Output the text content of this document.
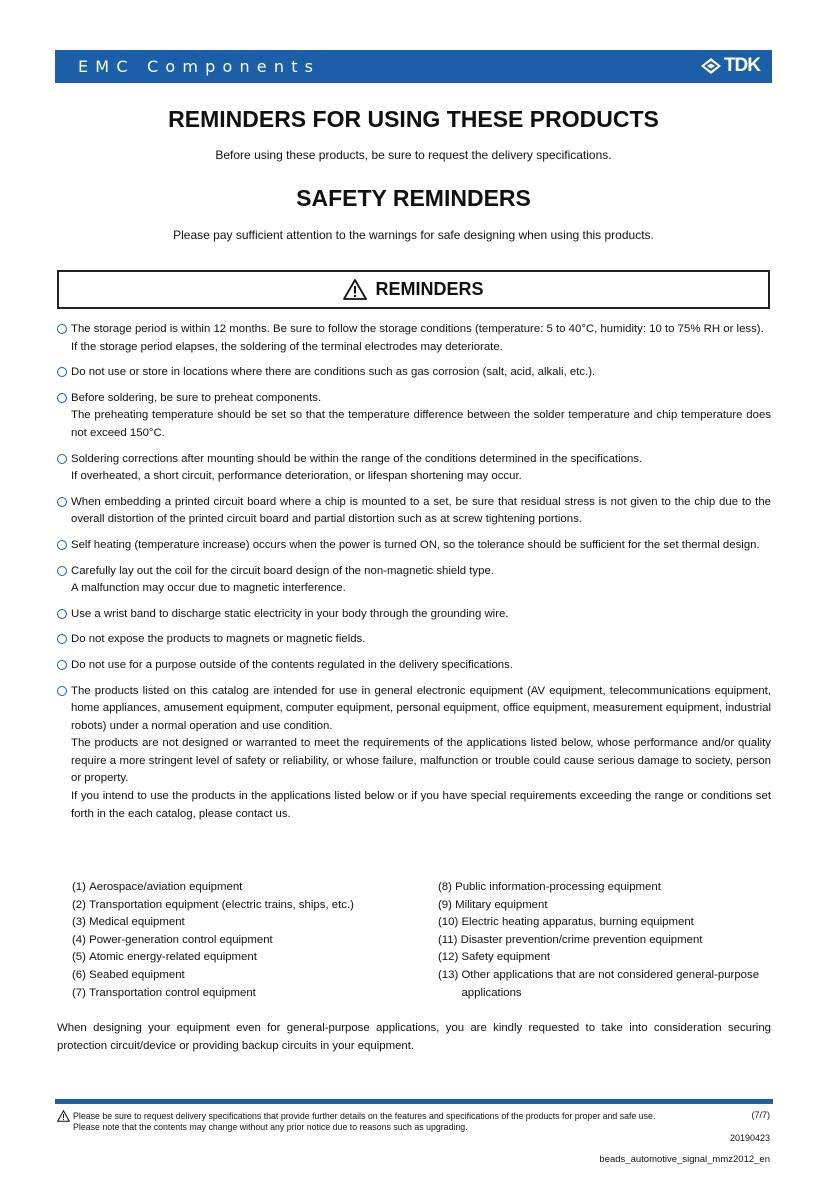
EMC Components	TDK
REMINDERS FOR USING THESE PRODUCTS
Before using these products, be sure to request the delivery specifications.
SAFETY REMINDERS
Please pay sufficient attention to the warnings for safe designing when using this products.
REMINDERS

The storage period is within 12 months. Be sure to follow the storage conditions (temperature: 5 to 40°C, humidity: 10 to 75% RH or less).

If the storage period elapses, the soldering of the terminal electrodes may deteriorate.

Do not use or store in locations where there are conditions such as gas corrosion (salt, acid, alkali, etc.).

Before soldering, be sure to preheat components.

The preheating temperature should be set so that the temperature difference between the solder temperature and chip temperature does not exceed 150°C.

Soldering corrections after mounting should be within the range of the conditions determined in the specifications.

If overheated, a short circuit, performance deterioration, or lifespan shortening may occur.

When embedding a printed circuit board where a chip is mounted to a set, be sure that residual stress is not given to the chip due to the overall distortion of the printed circuit board and partial distortion such as at screw tightening portions.

Self heating (temperature increase) occurs when the power is turned ON, so the tolerance should be sufficient for the set thermal design.

Carefully lay out the coil for the circuit board design of the non-magnetic shield type.

A malfunction may occur due to magnetic interference.

Use a wrist band to discharge static electricity in your body through the grounding wire.

Do not expose the products to magnets or magnetic fields.

Do not use for a purpose outside of the contents regulated in the delivery specifications.

The products listed on this catalog are intended for use in general electronic equipment (AV equipment, telecommunications equipment, home appliances, amusement equipment, computer equipment, personal equipment, office equipment, measurement equipment, industrial robots) under a normal operation and use condition.

The products are not designed or warranted to meet the requirements of the applications listed below, whose performance and/or quality require a more stringent level of safety or reliability, or whose failure, malfunction or trouble could cause serious damage to society, person or property.

If you intend to use the products in the applications listed below or if you have special requirements exceeding the range or conditions set forth in the each catalog, please contact us.

(1)
Aerospace/aviation equipment
(2)
Transportation equipment (electric trains, ships, etc.)
(3)
Medical equipment
(4)
Power-generation control equipment
(5)
Atomic energy-related equipment
(6)
Seabed equipment
(7)
Transportation control equipment
(8)
Public information-processing equipment
(9)
Military equipment
(10)
Electric heating apparatus, burning equipment
(11)
Disaster prevention/crime prevention equipment
(12)
Safety equipment
(13)
Other applications that are not considered general-purpose applications
When designing your equipment even for general-purpose applications, you are kindly requested to take into consideration securing protection circuit/device or providing backup circuits in your equipment.
Please be sure to request delivery specifications that provide further details on the features and specifications of the products for proper and safe use.
Please note that the contents may change without any prior notice due to reasons such as upgrading.
(7/7)
20190423
beads_automotive_signal_mmz2012_en
